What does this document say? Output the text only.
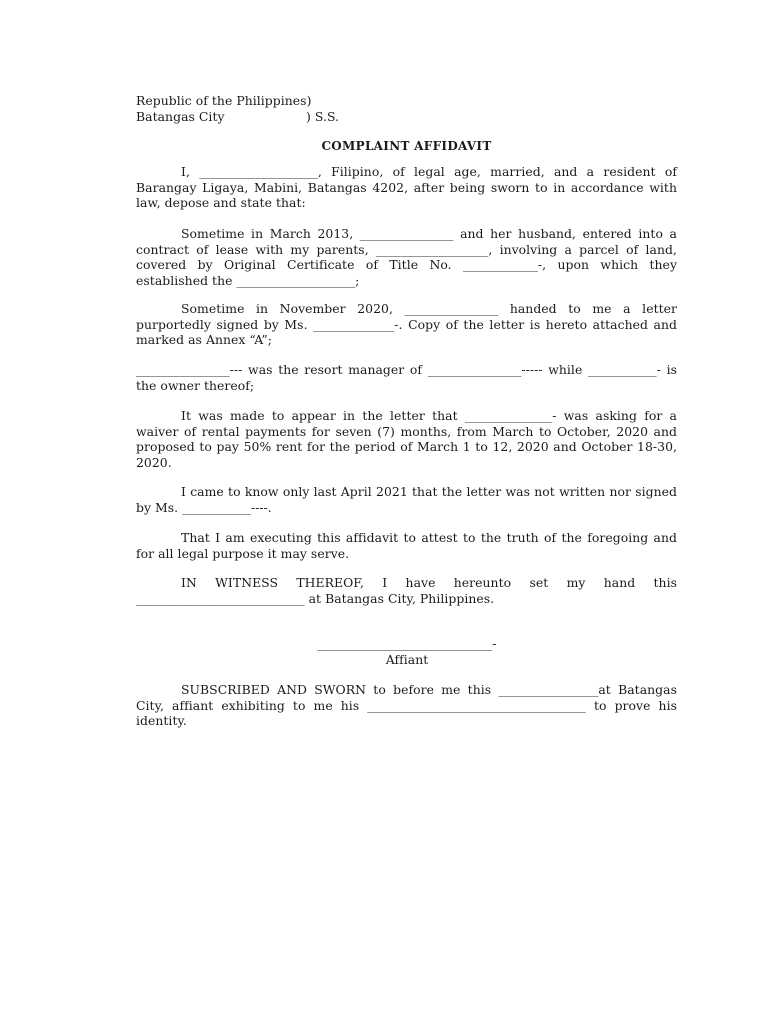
Republic of the Philippines)
Batangas City	) S.S.
COMPLAINT AFFIDAVIT

I, ___________________, Filipino, of legal age, married, and a resident of Barangay Ligaya, Mabini, Batangas 4202, after being sworn to in accordance with law, depose and state that:

Sometime in March 2013, _______________ and her husband, entered into a contract of lease with my parents, __________________, involving a parcel of land, covered by Original Certificate of Title No. ____________-, upon which they established the ___________________;

Sometime in November 2020, _______________ handed to me a letter purportedly signed by Ms. _____________-. Copy of the letter is hereto attached and marked as Annex “A”;

_______________--- was the resort manager of _______________----- while ___________- is the owner thereof;

It was made to appear in the letter that ______________- was asking for a waiver of rental payments for seven (7) months, from March to October, 2020 and proposed to pay 50% rent for the period of March 1 to 12, 2020 and October 18-30, 2020.

I came to know only last April 2021 that the letter was not written nor signed by Ms. ___________----.

That I am executing this affidavit to attest to the truth of the foregoing and for all legal purpose it may serve.

IN WITNESS THEREOF, I have hereunto set my hand this ___________________________ at Batangas City, Philippines.

____________________________-
Affiant

SUBSCRIBED AND SWORN to before me this ________________at Batangas City, affiant exhibiting to me his ___________________________________ to prove his identity.
